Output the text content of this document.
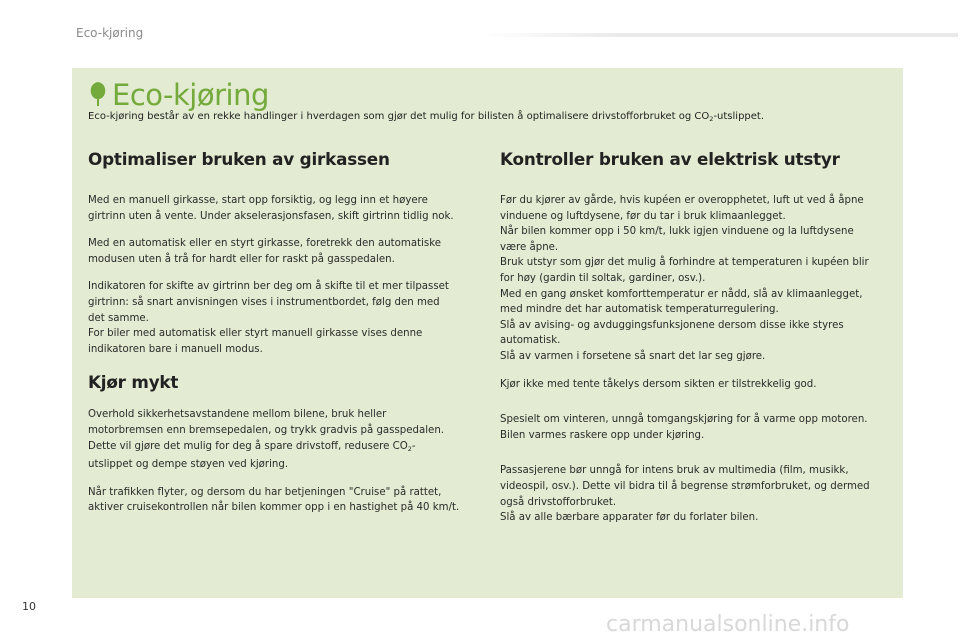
Eco-kjøring
Eco-kjøring
Eco-kjøring består av en rekke handlinger i hverdagen som gjør det mulig for bilisten å optimalisere drivstofforbruket og $CO_2$-utslippet.
Optimaliser bruken av girkassen

Med en manuell girkasse, start opp forsiktig, og legg inn et høyere
girtrinn uten å vente. Under akselerasjonsfasen, skift girtrinn tidlig nok.

Med en automatisk eller en styrt girkasse, foretrekk den automatiske
modusen uten å trå for hardt eller for raskt på gasspedalen.

Indikatoren for skifte av girtrinn ber deg om å skifte til et mer tilpasset
girtrinn: så snart anvisningen vises i instrumentbordet, følg den med
det samme.
For biler med automatisk eller styrt manuell girkasse vises denne
indikatoren bare i manuell modus.

Kjør mykt

Overhold sikkerhetsavstandene mellom bilene, bruk heller
motorbremsen enn bremsepedalen, og trykk gradvis på gasspedalen.
Dette vil gjøre det mulig for deg å spare drivstoff, redusere $CO_2-$
utslippet og dempe støyen ved kjøring.

Når trafikken flyter, og dersom du har betjeningen "Cruise" på rattet,
aktiver cruisekontrollen når bilen kommer opp i en hastighet på 40 km/t.

Kontroller bruken av elektrisk utstyr

Før du kjører av gårde, hvis kupéen er overopphetet, luft ut ved å åpne
vinduene og luftdysene, før du tar i bruk klimaanlegget.
Når bilen kommer opp i 50 km/t, lukk igjen vinduene og la luftdysene
være åpne.
Bruk utstyr som gjør det mulig å forhindre at temperaturen i kupéen blir
for høy (gardin til soltak, gardiner, osv.).
Med en gang ønsket komforttemperatur er nådd, slå av klimaanlegget,
med mindre det har automatisk temperaturregulering.
Slå av avising- og avduggingsfunksjonene dersom disse ikke styres
automatisk.
Slå av varmen i forsetene så snart det lar seg gjøre.

Kjør ikke med tente tåkelys dersom sikten er tilstrekkelig god.

Spesielt om vinteren, unngå tomgangskjøring for å varme opp motoren.
Bilen varmes raskere opp under kjøring.

Passasjerene bør unngå for intens bruk av multimedia (film, musikk,
videospil, osv.). Dette vil bidra til å begrense strømforbruket, og dermed
også drivstofforbruket.
Slå av alle bærbare apparater før du forlater bilen.

10
carmanualsonline.info
